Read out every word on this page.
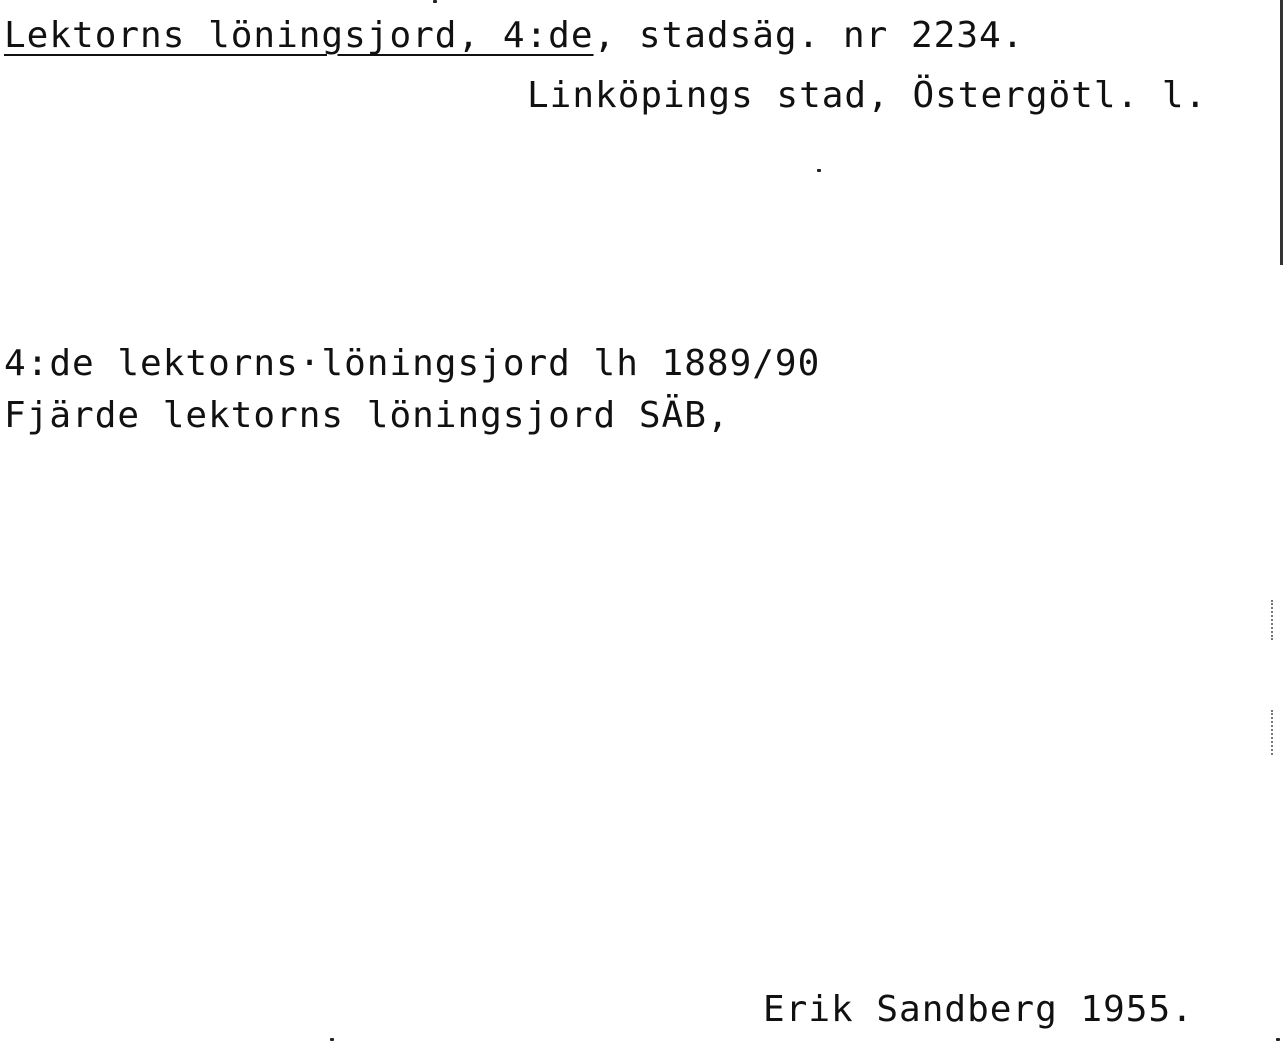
Lektorns löningsjord, 4:de, stadsäg. nr 2234.
Linköpings stad, Östergötl. l.
4:de lektorns·löningsjord lh 1889/90
Fjärde lektorns löningsjord SÄB,
Erik Sandberg 1955.
